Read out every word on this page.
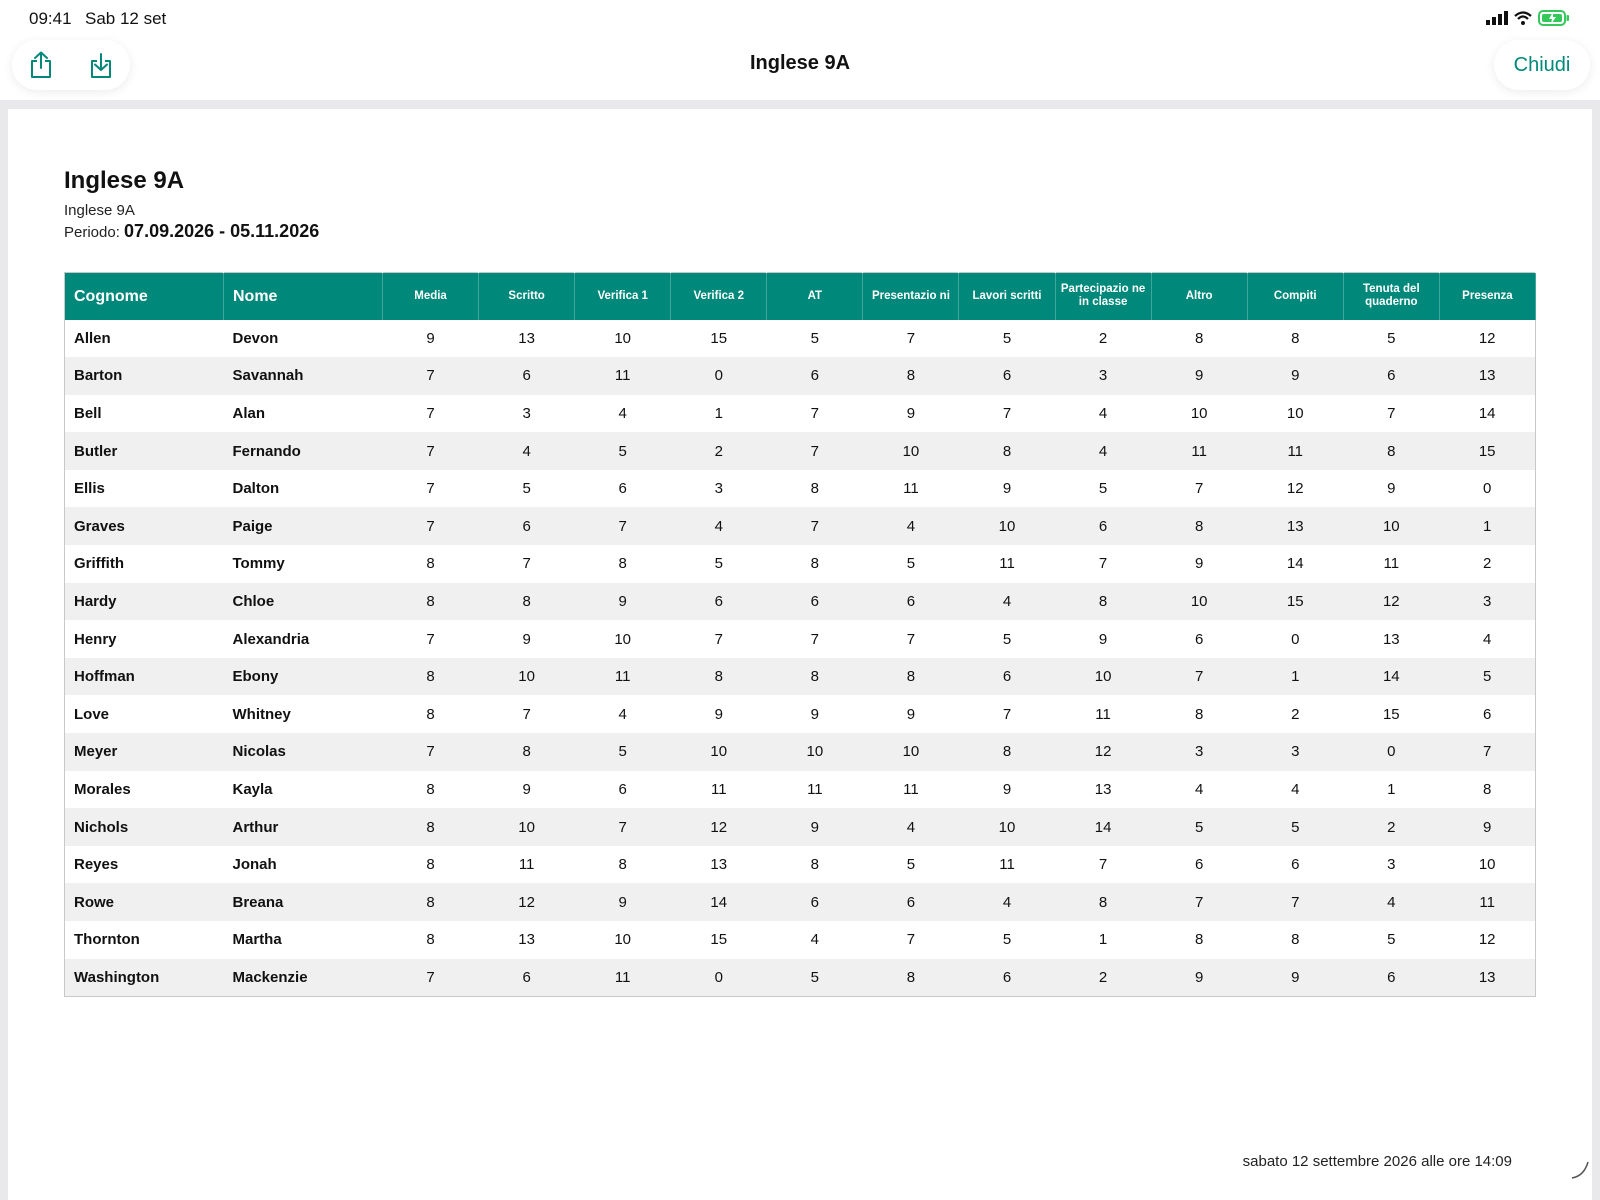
09:41 Sab 12 set
Inglese 9A	Chiudi
Inglese 9A
Inglese 9A
Periodo: 07.09.2026 - 05.11.2026
Cognome	Nome	Media	Scritto	Verifica 1	Verifica 2	AT	Presentazio ni	Lavori scritti	Partecipazio ne in classe	Altro	Compiti	Tenuta del quaderno	Presenza
Allen	Devon	9	13	10	15	5	7	5	2	8	8	5	12
Barton	Savannah	7	6	11	0	6	8	6	3	9	9	6	13
Bell	Alan	7	3	4	1	7	9	7	4	10	10	7	14
Butler	Fernando	7	4	5	2	7	10	8	4	11	11	8	15
Ellis	Dalton	7	5	6	3	8	11	9	5	7	12	9	0
Graves	Paige	7	6	7	4	7	4	10	6	8	13	10	1
Griffith	Tommy	8	7	8	5	8	5	11	7	9	14	11	2
Hardy	Chloe	8	8	9	6	6	6	4	8	10	15	12	3
Henry	Alexandria	7	9	10	7	7	7	5	9	6	0	13	4
Hoffman	Ebony	8	10	11	8	8	8	6	10	7	1	14	5
Love	Whitney	8	7	4	9	9	9	7	11	8	2	15	6
Meyer	Nicolas	7	8	5	10	10	10	8	12	3	3	0	7
Morales	Kayla	8	9	6	11	11	11	9	13	4	4	1	8
Nichols	Arthur	8	10	7	12	9	4	10	14	5	5	2	9
Reyes	Jonah	8	11	8	13	8	5	11	7	6	6	3	10
Rowe	Breana	8	12	9	14	6	6	4	8	7	7	4	11
Thornton	Martha	8	13	10	15	4	7	5	1	8	8	5	12
Washington	Mackenzie	7	6	11	0	5	8	6	2	9	9	6	13
sabato 12 settembre 2026 alle ore 14:09
